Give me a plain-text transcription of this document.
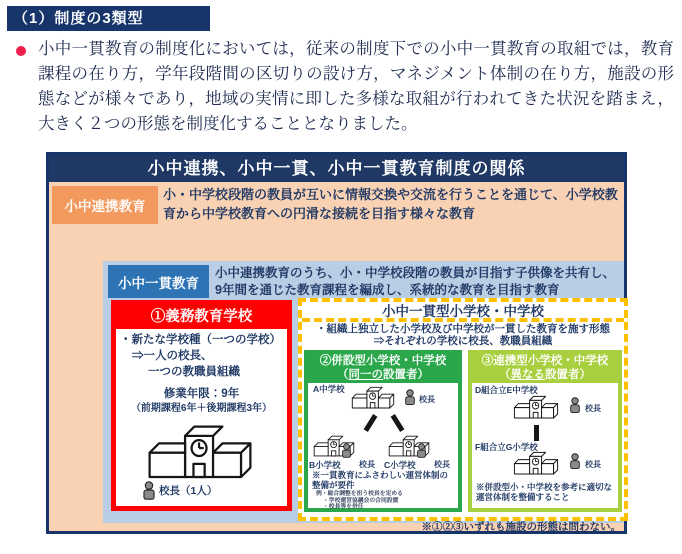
（1）制度の3類型

小中一貫教育の制度化においては，従来の制度下での小中一貫教育の取組では，教育課程の在り方，学年段階間の区切りの設け方，マネジメント体制の在り方，施設の形態などが様々であり，地域の実情に即した多様な取組が行われてきた状況を踏まえ，大きく２つの形態を制度化することとなりました。

小中連携、小中一貫、小中一貫教育制度の関係
小中連携教育
小・中学校段階の教員が互いに情報交換や交流を行うことを通じて、小学校教育から中学校教育への円滑な接続を目指す様々な教育
小中一貫教育
小中連携教育のうち、小・中学校段階の教員が目指す子供像を共有し、
9年間を通じた教育課程を編成し、系統的な教育を目指す教育
①義務教育学校
・新たな学校種（一つの学校）
⇒一人の校長、
一つの教職員組織
修業年限：9年
（前期課程6年＋後期課程3年）
校長（1人）
小中一貫型小学校・中学校
・組織上独立した小学校及び中学校が一貫した教育を施す形態
⇒それぞれの学校に校長、教職員組織
②併設型小学校・中学校
（同一の設置者）
A中学校
校長
B小学校 校長 C小学校 校長
※一貫教育にふさわしい運営体制の整備が要件
例・総合調整を担う校長を定める
・学校運営協議会の合同設置
・校長等を併任
③連携型小学校・中学校
（異なる設置者）
D組合立E中学校
校長
F組合立G小学校
校長
※併設型小・中学校を参考に適切な運営体制を整備すること
※①②③いずれも施設の形態は問わない。
